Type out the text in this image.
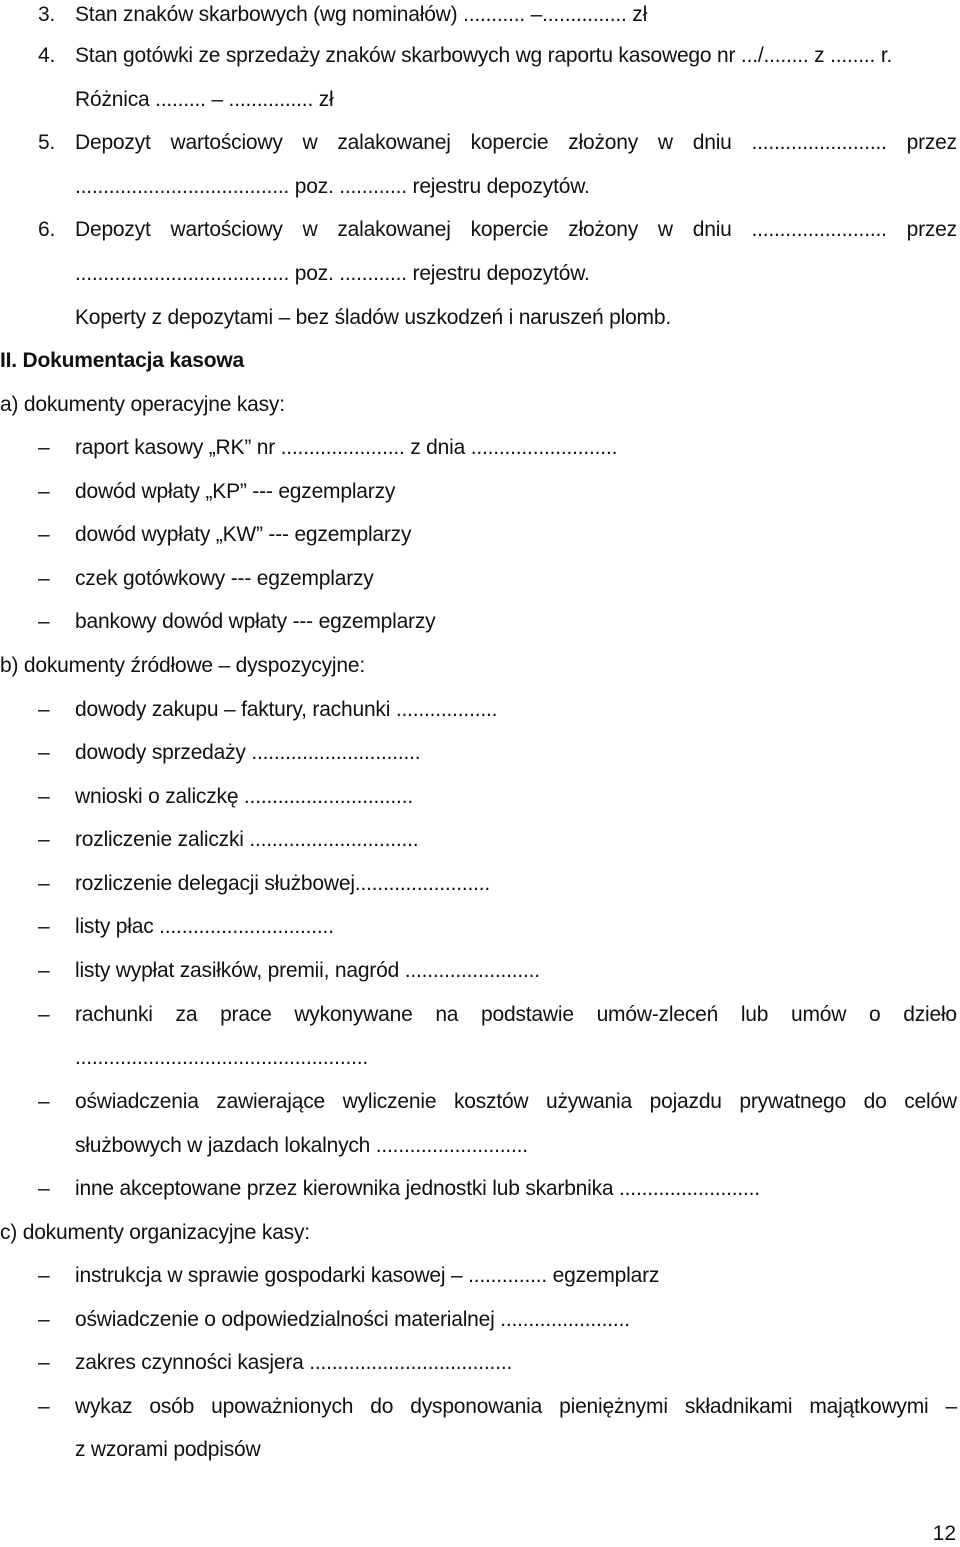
3. Stan znaków skarbowych (wg nominałów) ........... –............... zł
4. Stan gotówki ze sprzedaży znaków skarbowych wg raportu kasowego nr .../........ z ........ r.
Różnica ......... – ............... zł
5. Depozyt wartościowy w zalakowanej kopercie złożony w dniu ........................ przez
...................................... poz. ............ rejestru depozytów.
6. Depozyt wartościowy w zalakowanej kopercie złożony w dniu ........................ przez
...................................... poz. ............ rejestru depozytów.
Koperty z depozytami – bez śladów uszkodzeń i naruszeń plomb.
II. Dokumentacja kasowa
a) dokumenty operacyjne kasy:
– raport kasowy „RK” nr ...................... z dnia ..........................
– dowód wpłaty „KP” --- egzemplarzy
– dowód wypłaty „KW” --- egzemplarzy
– czek gotówkowy --- egzemplarzy
– bankowy dowód wpłaty --- egzemplarzy
b) dokumenty źródłowe – dyspozycyjne:
– dowody zakupu – faktury, rachunki ..................
– dowody sprzedaży ..............................
– wnioski o zaliczkę ..............................
– rozliczenie zaliczki ..............................
– rozliczenie delegacji służbowej........................
– listy płac ...............................
– listy wypłat zasiłków, premii, nagród ........................
– rachunki za prace wykonywane na podstawie umów-zleceń lub umów o dzieło
....................................................
– oświadczenia zawierające wyliczenie kosztów używania pojazdu prywatnego do celów
służbowych w jazdach lokalnych ...........................
– inne akceptowane przez kierownika jednostki lub skarbnika .........................
c) dokumenty organizacyjne kasy:
– instrukcja w sprawie gospodarki kasowej – .............. egzemplarz
– oświadczenie o odpowiedzialności materialnej .......................
– zakres czynności kasjera ....................................
– wykaz osób upoważnionych do dysponowania pieniężnymi składnikami majątkowymi –
z wzorami podpisów
12
